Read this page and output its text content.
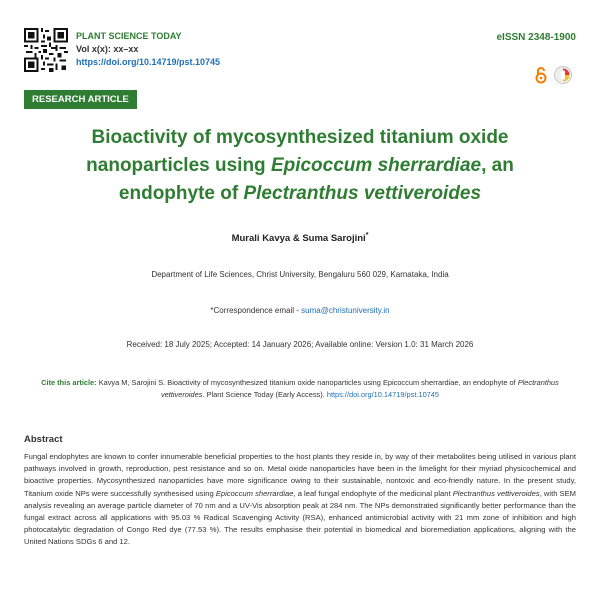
PLANT SCIENCE TODAY
Vol x(x): xx–xx
https://doi.org/10.14719/pst.10745
eISSN 2348-1900
RESEARCH ARTICLE
Bioactivity of mycosynthesized titanium oxide nanoparticles using Epicoccum sherrardiae, an endophyte of Plectranthus vettiveroides
Murali Kavya & Suma Sarojini*
Department of Life Sciences, Christ University, Bengaluru 560 029, Karnataka, India
*Correspondence email - suma@christuniversity.in
Received: 18 July 2025; Accepted: 14 January 2026; Available online: Version 1.0: 31 March 2026
Cite this article: Kavya M, Sarojini S. Bioactivity of mycosynthesized titanium oxide nanoparticles using Epicoccum sherrardiae, an endophyte of Plectranthus vettiveroides. Plant Science Today (Early Access). https://doi.org/10.14719/pst.10745
Abstract

Fungal endophytes are known to confer innumerable beneficial properties to the host plants they reside in, by way of their metabolites being utilised in various plant pathways involved in growth, reproduction, pest resistance and so on. Metal oxide nanoparticles have been in the limelight for their myriad physicochemical and bioactive properties. Mycosynthesized nanoparticles have more significance owing to their sustainable, nontoxic and eco-friendly nature. In the present study, Titanium oxide NPs were successfully synthesised using Epicoccum sherrardiae, a leaf fungal endophyte of the medicinal plant Plectranthus vettiveroides, with SEM analysis revealing an average particle diameter of 70 nm and a UV-Vis absorption peak at 284 nm. The NPs demonstrated significantly better performance than the fungal extract across all applications with 95.03 % Radical Scavenging Activity (RSA), enhanced antimicrobial activity with 21 mm zone of inhibition and high photocatalytic degradation of Congo Red dye (77.53 %). The results emphasise their potential in biomedical and bioremediation applications, aligning with the United Nations SDGs 6 and 12.
